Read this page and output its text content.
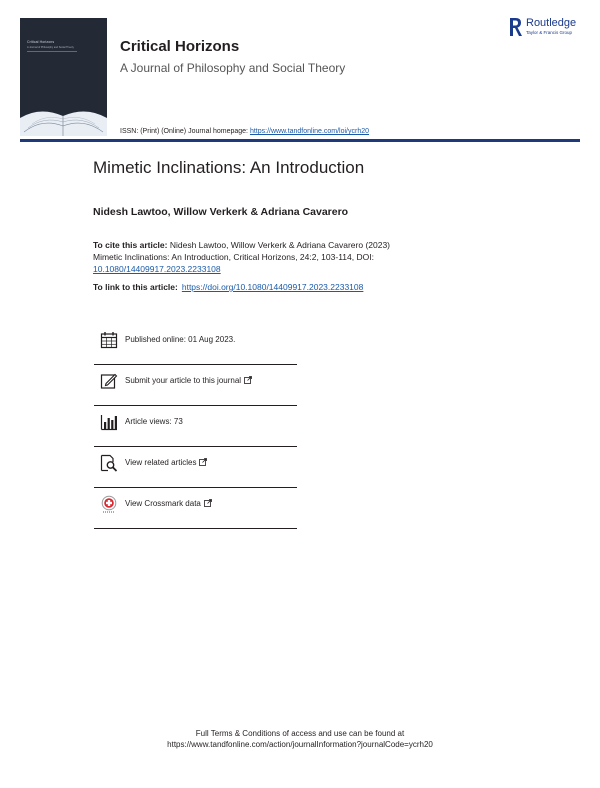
Critical Horizons
A Journal of Philosophy and Social Theory	Critical Horizons
A Journal of Philosophy and Social Theory
ISSN: (Print) (Online) Journal homepage: https://www.tandfonline.com/loi/ycrh20
Routledge
Taylor & Francis Group
Mimetic Inclinations: An Introduction
Nidesh Lawtoo, Willow Verkerk & Adriana Cavarero
To cite this article: Nidesh Lawtoo, Willow Verkerk & Adriana Cavarero (2023)
Mimetic Inclinations: An Introduction, Critical Horizons, 24:2, 103-114, DOI:
10.1080/14409917.2023.2233108
To link to this article: https://doi.org/10.1080/14409917.2023.2233108
Published online: 01 Aug 2023.
Submit your article to this journal
Article views: 73
View related articles
View Crossmark data
Full Terms & Conditions of access and use can be found at
https://www.tandfonline.com/action/journalInformation?journalCode=ycrh20
